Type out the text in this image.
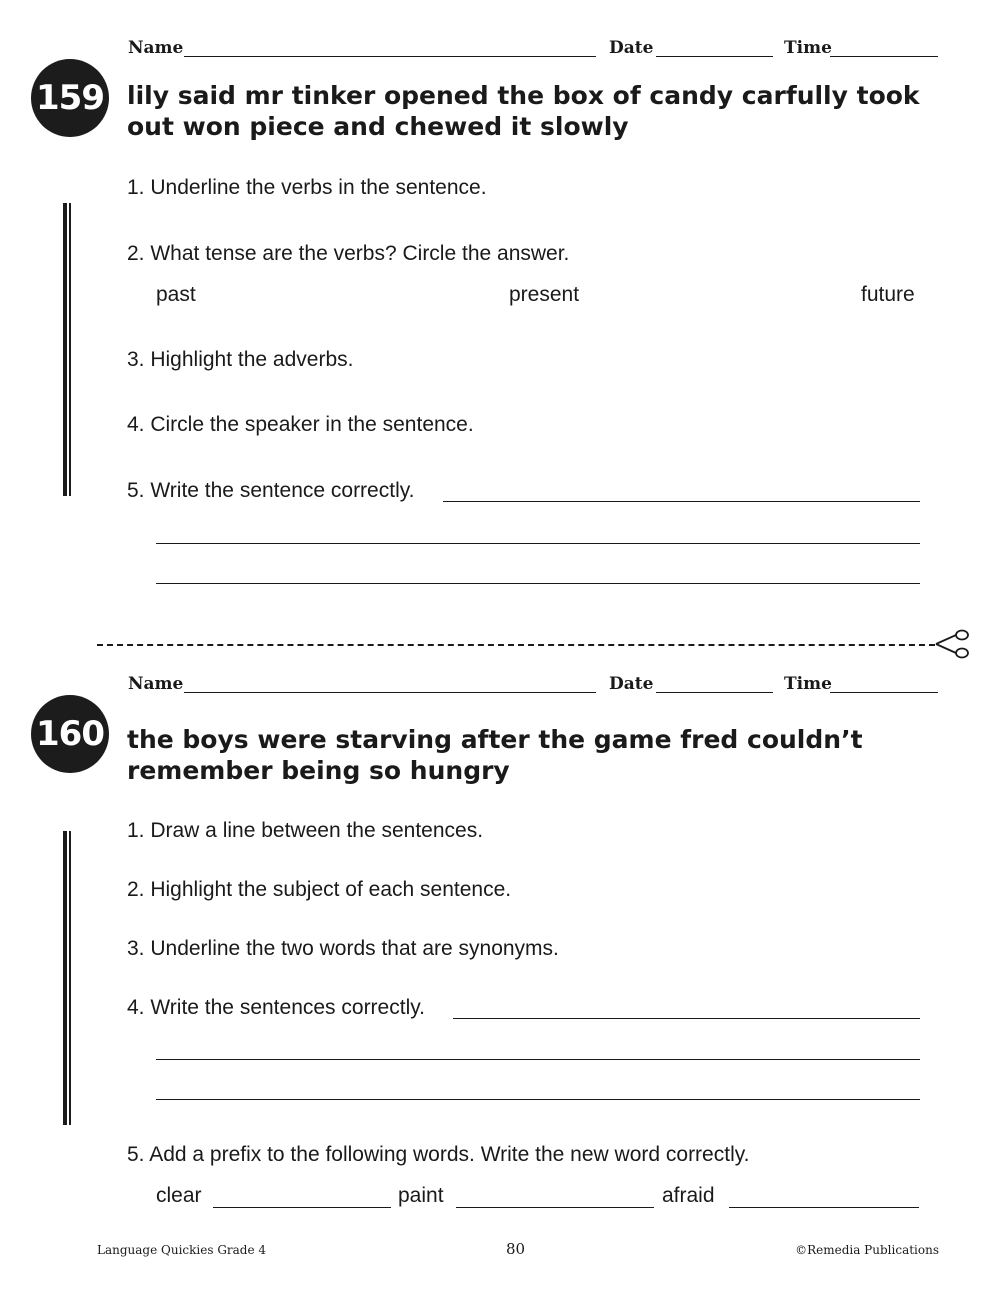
Name	Date	Time
159 lily said mr tinker opened the box of candy carfully took out won piece and chewed it slowly
1. Underline the verbs in the sentence.
2. What tense are the verbs? Circle the answer.
past	present	future
3. Highlight the adverbs.
4. Circle the speaker in the sentence.
5. Write the sentence correctly.
Name	Date	Time
160 the boys were starving after the game fred couldn’t remember being so hungry
1. Draw a line between the sentences.
2. Highlight the subject of each sentence.
3. Underline the two words that are synonyms.
4. Write the sentences correctly.
5. Add a prefix to the following words. Write the new word correctly.
clear	paint	afraid
Language Quickies Grade 4	80	©Remedia Publications
